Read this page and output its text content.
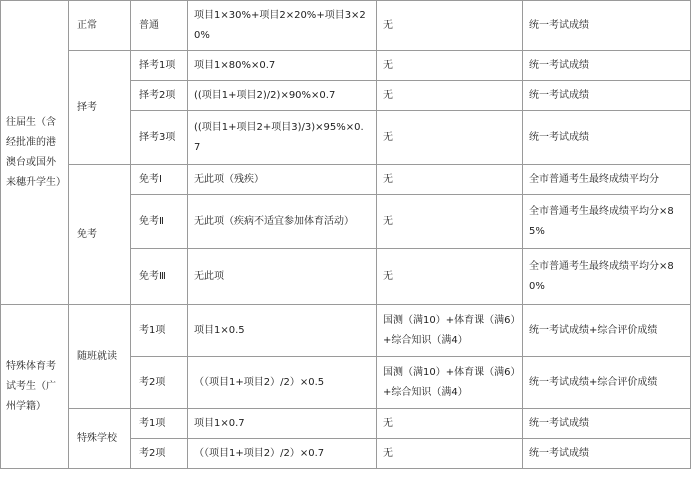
往届生（含经批准的港澳台或国外来穗升学生）	正常	普通	项目1×30%+项目2×20%+项目3×20%	无	统一考试成绩
	择考	择考1项	项目1×80%×0.7	无	统一考试成绩
		择考2项	((项目1+项目2)/2)×90%×0.7	无	统一考试成绩
		择考3项	((项目1+项目2+项目3)/3)×95%×0.7	无	统一考试成绩
	免考	免考Ⅰ	无此项（残疾）	无	全市普通考生最终成绩平均分
		免考Ⅱ	无此项（疾病不适宜参加体育活动）	无	全市普通考生最终成绩平均分×85%
		免考Ⅲ	无此项	无	全市普通考生最终成绩平均分×80%
特殊体育考试考生（广州学籍）	随班就读	考1项	项目1×0.5	国测（满10）+体育课（满6）+综合知识（满4）	统一考试成绩+综合评价成绩
		考2项	（（项目1+项目2）/2）×0.5	国测（满10）+体育课（满6）+综合知识（满4）	统一考试成绩+综合评价成绩
	特殊学校	考1项	项目1×0.7	无	统一考试成绩
		考2项	（（项目1+项目2）/2）×0.7	无	统一考试成绩
